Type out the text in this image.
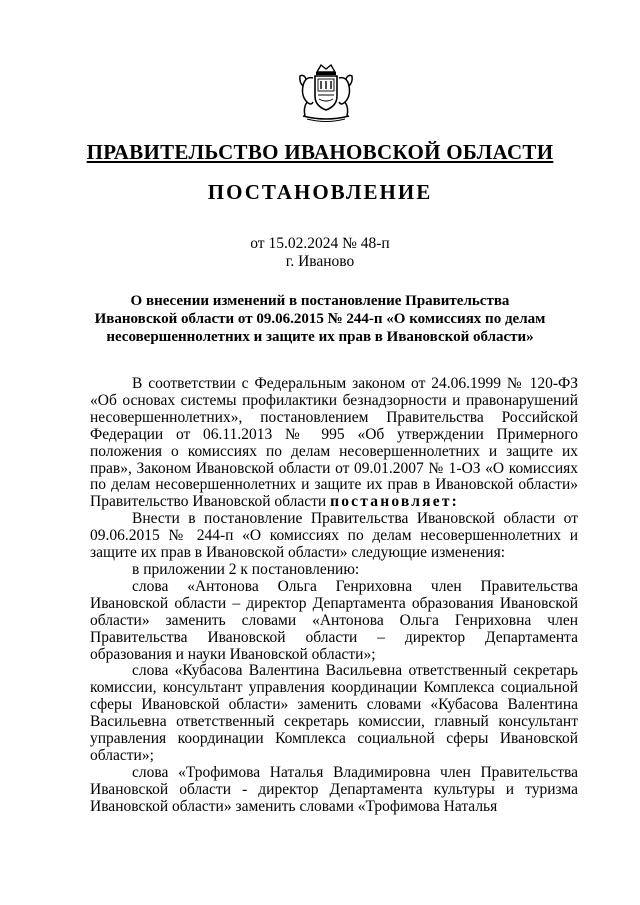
ПРАВИТЕЛЬСТВО ИВАНОВСКОЙ ОБЛАСТИ
ПОСТАНОВЛЕНИЕ
от 15.02.2024 № 48-п
г. Иваново
О внесении изменений в постановление Правительства Ивановской области от 09.06.2015 № 244-п «О комиссиях по делам несовершеннолетних и защите их прав в Ивановской области»

В соответствии с Федеральным законом от 24.06.1999 № 120-ФЗ «Об основах системы профилактики безнадзорности и правонарушений несовершеннолетних», постановлением Правительства Российской Федерации от 06.11.2013 № 995 «Об утверждении Примерного положения о комиссиях по делам несовершеннолетних и защите их прав», Законом Ивановской области от 09.01.2007 № 1-ОЗ «О комиссиях по делам несовершеннолетних и защите их прав в Ивановской области» Правительство Ивановской области постановляет:

Внести в постановление Правительства Ивановской области от 09.06.2015 № 244-п «О комиссиях по делам несовершеннолетних и защите их прав в Ивановской области» следующие изменения:

в приложении 2 к постановлению:

слова «Антонова Ольга Генриховна член Правительства Ивановской области – директор Департамента образования Ивановской области» заменить словами «Антонова Ольга Генриховна член Правительства Ивановской области – директор Департамента образования и науки Ивановской области»;

слова «Кубасова Валентина Васильевна ответственный секретарь комиссии, консультант управления координации Комплекса социальной сферы Ивановской области» заменить словами «Кубасова Валентина Васильевна ответственный секретарь комиссии, главный консультант управления координации Комплекса социальной сферы Ивановской области»;

слова «Трофимова Наталья Владимировна член Правительства Ивановской области - директор Департамента культуры и туризма Ивановской области» заменить словами «Трофимова Наталья
